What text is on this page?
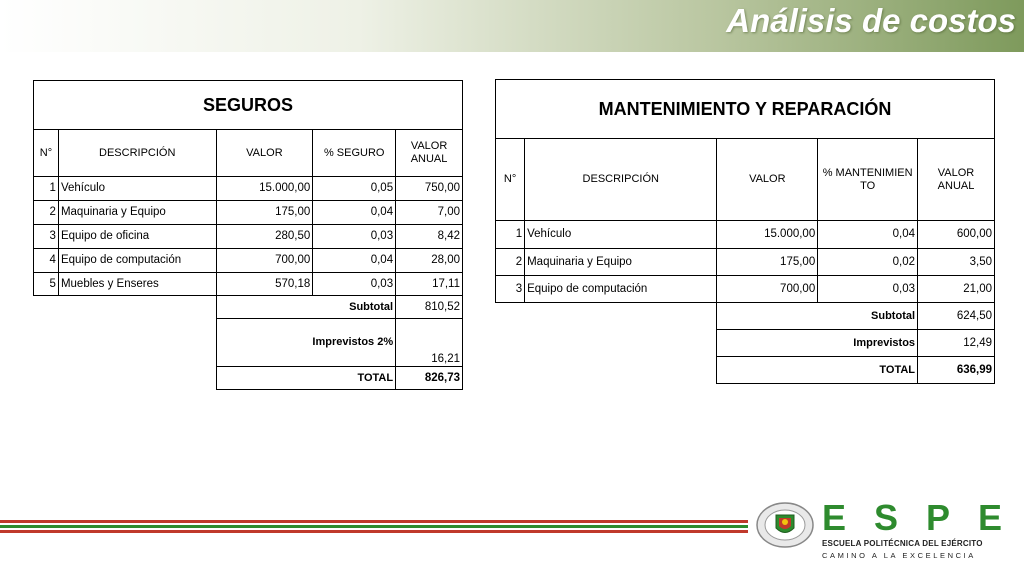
Análisis de costos
SEGUROS				
N°	DESCRIPCIÓN	VALOR	% SEGURO	VALOR ANUAL
1	Vehículo	15.000,00	0,05	750,00
2	Maquinaria y Equipo	175,00	0,04	7,00
3	Equipo de oficina	280,50	0,03	8,42
4	Equipo de computación	700,00	0,04	28,00
5	Muebles y Enseres	570,18	0,03	17,11
		Subtotal		810,52
		Imprevistos 2%		16,21
		TOTAL		826,73
MANTENIMIENTO Y REPARACIÓN				
N°	DESCRIPCIÓN	VALOR	% MANTENIMIENTO	VALOR ANUAL
1	Vehículo	15.000,00	0,04	600,00
2	Maquinaria y Equipo	175,00	0,02	3,50
3	Equipo de computación	700,00	0,03	21,00
		Subtotal		624,50
		Imprevistos		12,49
		TOTAL		636,99
E S P E
ESCUELA POLITÉCNICA DEL EJÉRCITO
CAMINO A LA EXCELENCIA
